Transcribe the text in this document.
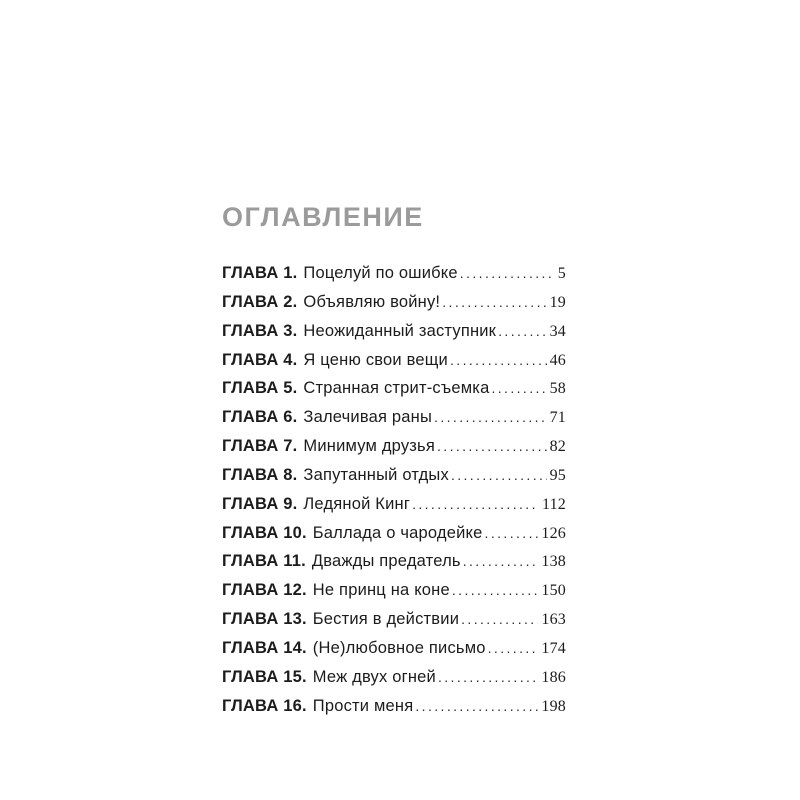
ОГЛАВЛЕНИЕ
ГЛАВА 1. Поцелуй по ошибке .....	5
ГЛАВА 2. Объявляю войну! .....	19
ГЛАВА 3. Неожиданный заступник .....	34
ГЛАВА 4. Я ценю свои вещи .....	46
ГЛАВА 5. Странная стрит-съемка .....	58
ГЛАВА 6. Залечивая раны .....	71
ГЛАВА 7. Минимум друзья .....	82
ГЛАВА 8. Запутанный отдых .....	95
ГЛАВА 9. Ледяной Кинг .....	112
ГЛАВА 10. Баллада о чародейке .....	126
ГЛАВА 11. Дважды предатель .....	138
ГЛАВА 12. Не принц на коне .....	150
ГЛАВА 13. Бестия в действии .....	163
ГЛАВА 14. (Не)любовное письмо .....	174
ГЛАВА 15. Меж двух огней .....	186
ГЛАВА 16. Прости меня .....	198
